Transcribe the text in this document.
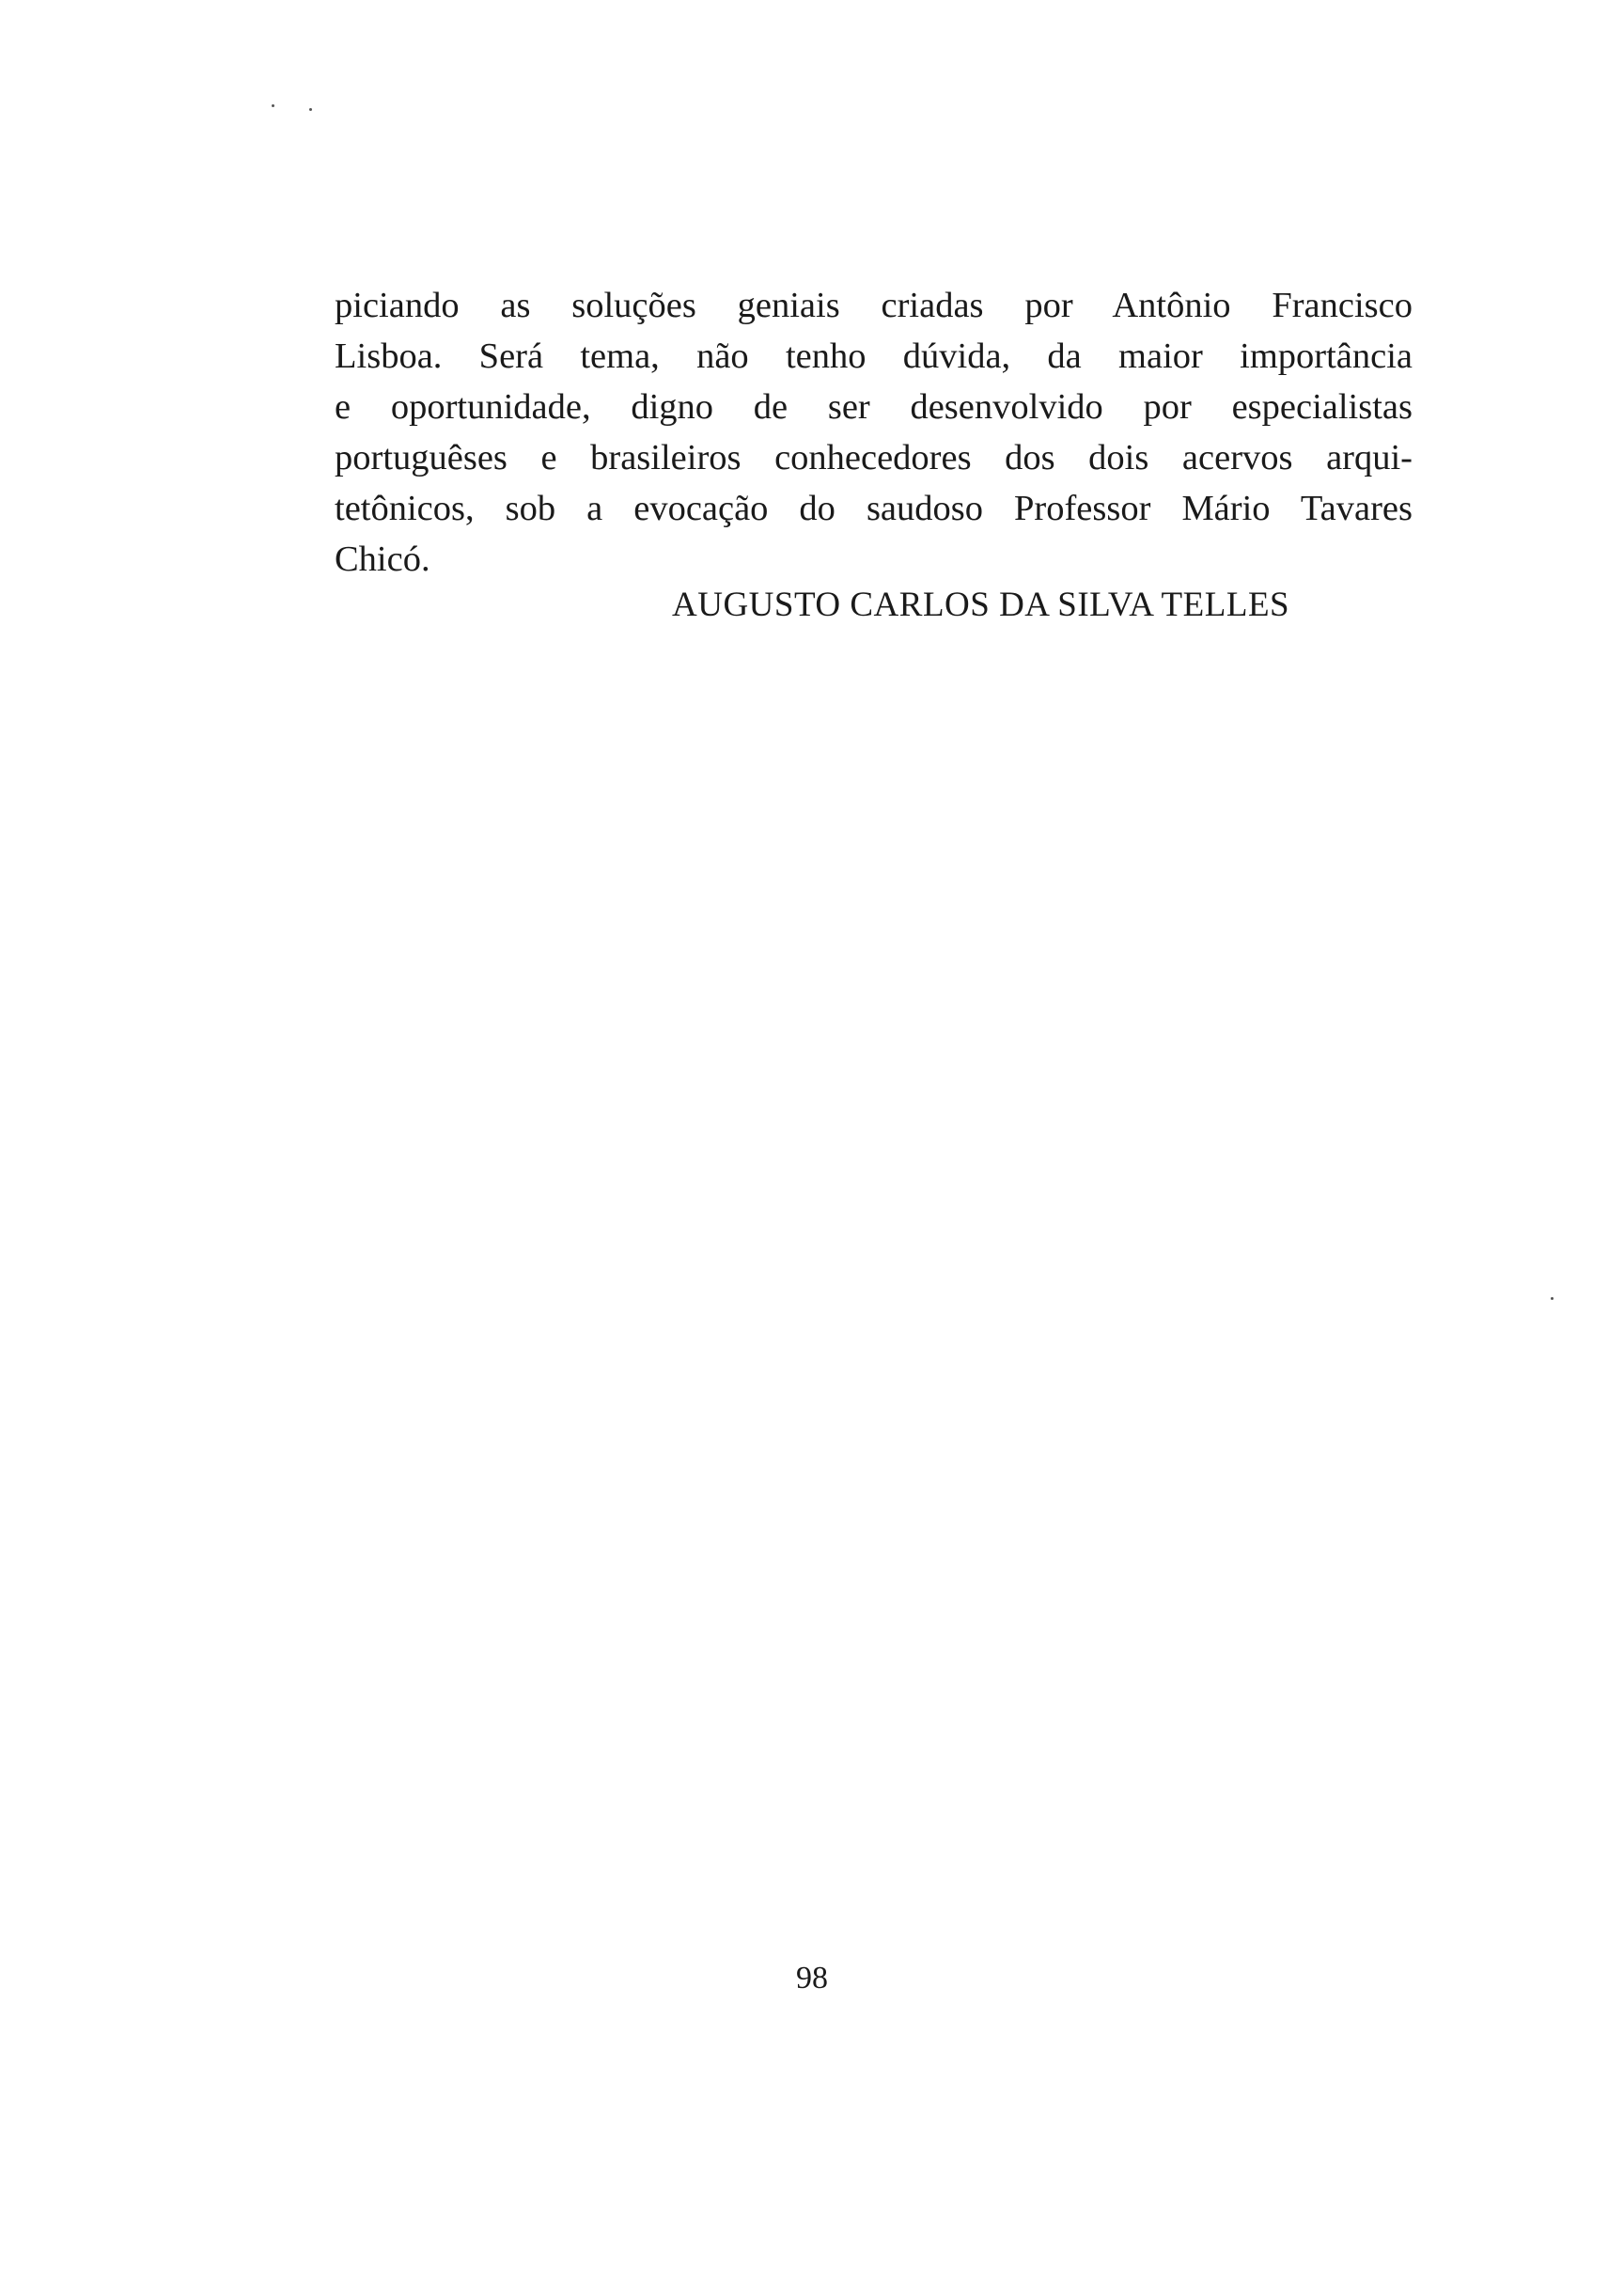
piciando as soluções geniais criadas por Antônio Francisco
Lisboa. Será tema, não tenho dúvida, da maior importância
e oportunidade, digno de ser desenvolvido por especialistas
portuguêses e brasileiros conhecedores dos dois acervos arqui-
tetônicos, sob a evocação do saudoso Professor Mário Tavares
Chicó.

AUGUSTO CARLOS DA SILVA TELLES
98
